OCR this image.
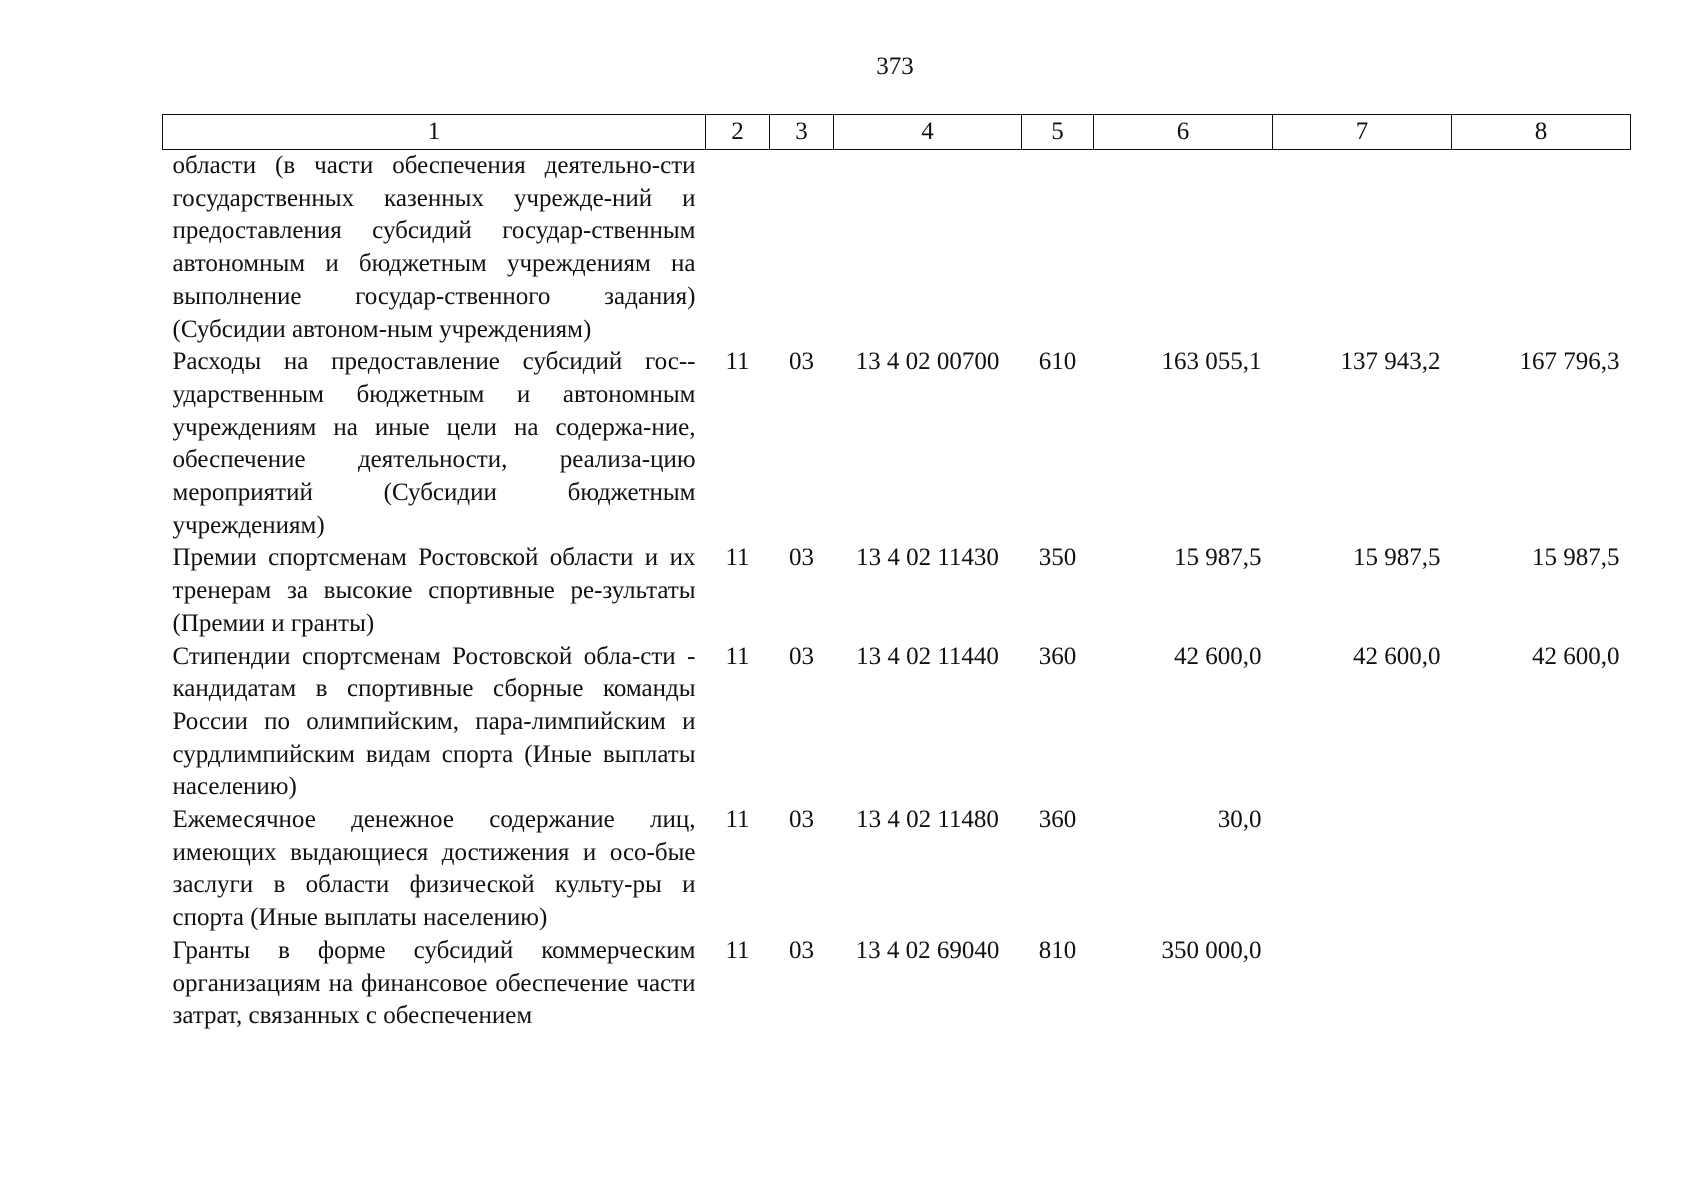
373
1	2	3	4	5	6	7	8
области (в части обеспечения деятельно-сти государственных казенных учрежде-ний и предоставления субсидий государ-ственным автономным и бюджетным учреждениям на выполнение государ-ственного задания) (Субсидии автоном-ным учреждениям)							
Расходы на предоставление субсидий гос-ударственным бюджетным и автономным учреждениям на иные цели на содержа-ние, обеспечение деятельности, реализа-цию мероприятий (Субсидии бюджетным учреждениям)	11	03	13 4 02 00700	610	163 055,1	137 943,2	167 796,3
Премии спортсменам Ростовской области и их тренерам за высокие спортивные ре-зультаты (Премии и гранты)	11	03	13 4 02 11430	350	15 987,5	15 987,5	15 987,5
Стипендии спортсменам Ростовской обла-сти - кандидатам в спортивные сборные команды России по олимпийским, пара-лимпийским и сурдлимпийским видам спорта (Иные выплаты населению)	11	03	13 4 02 11440	360	42 600,0	42 600,0	42 600,0
Ежемесячное денежное содержание лиц, имеющих выдающиеся достижения и осо-бые заслуги в области физической культу-ры и спорта (Иные выплаты населению)	11	03	13 4 02 11480	360	30,0		
Гранты в форме субсидий коммерческим организациям на финансовое обеспечение части затрат, связанных с обеспечением	11	03	13 4 02 69040	810	350 000,0		
